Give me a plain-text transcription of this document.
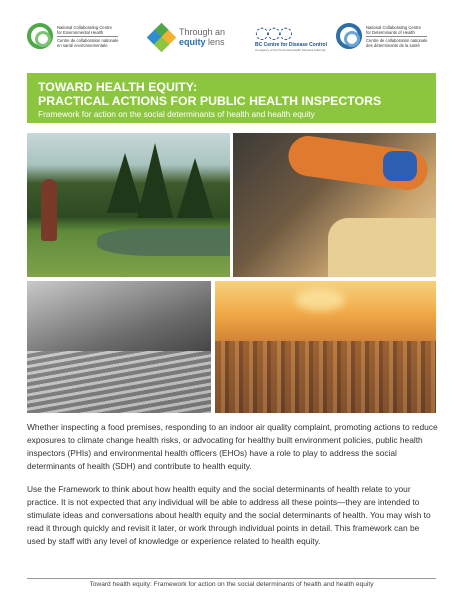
National Collaborating Centre
for Environmental Health
Centre de collaboration nationale
en santé environnementale
Through an
equity lens ◌◌◌
BC Centre for Disease Control
An agency of the Provincial Health Services Authority
National Collaborating Centre
for Determinants of Health
Centre de collaboration nationale
des déterminants de la santé
TOWARD HEALTH EQUITY:
PRACTICAL ACTIONS FOR PUBLIC HEALTH INSPECTORS

Framework for action on the social determinants of health and health equity

Whether inspecting a food premises, responding to an indoor air quality complaint, promoting actions to reduce exposures to climate change health risks, or advocating for healthy built environment policies, public health inspectors (PHIs) and environmental health officers (EHOs) have a role to play to address the social determinants of health (SDH) and contribute to health equity.

Use the Framework to think about how health equity and the social determinants of health relate to your practice. It is not expected that any individual will be able to address all these points—they are intended to stimulate ideas and conversations about health equity and the social determinants of health. You may wish to read it through quickly and revisit it later, or work through individual points in detail. This framework can be used by staff with any level of knowledge or experience related to health equity.

Toward health equity: Framework for action on the social determinants of health and health equity
